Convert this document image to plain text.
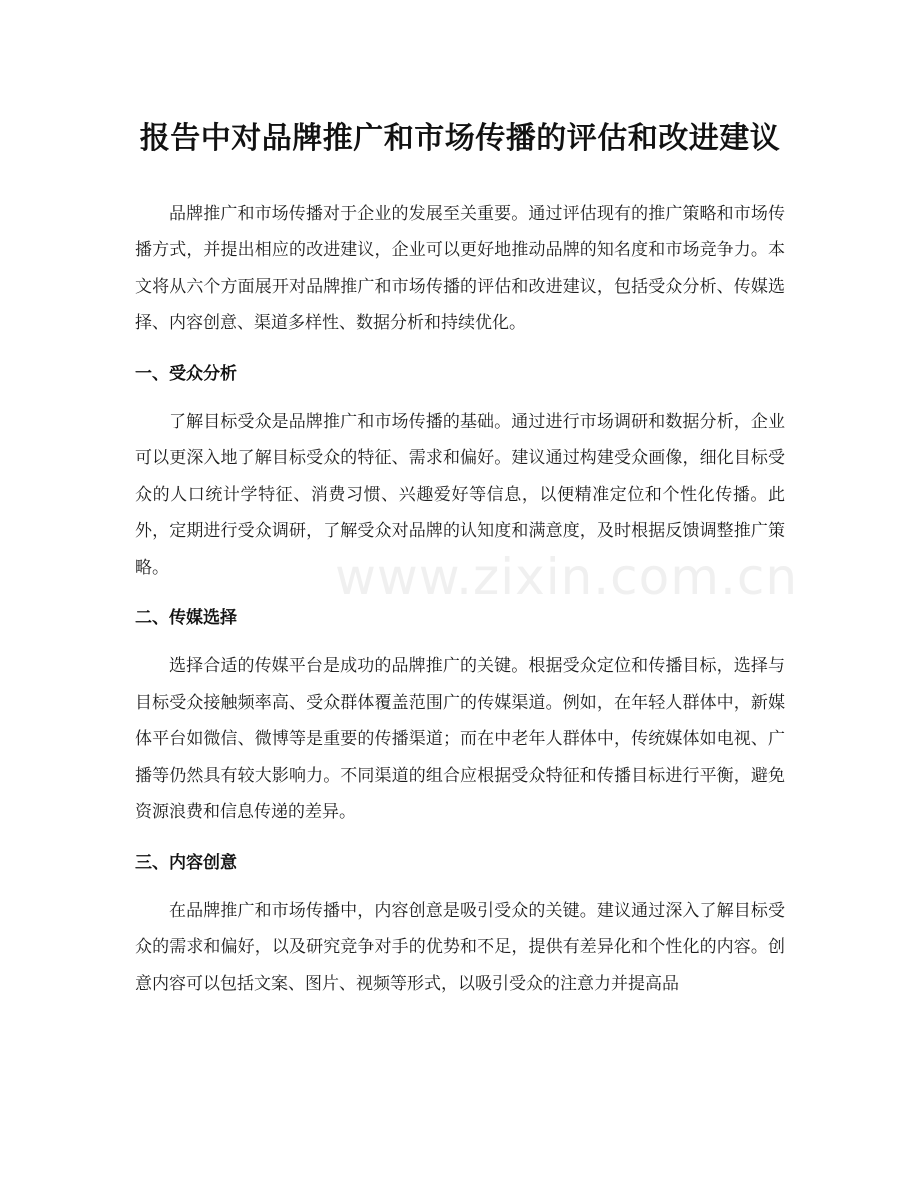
报告中对品牌推广和市场传播的评估和改进建议

品牌推广和市场传播对于企业的发展至关重要。通过评估现有的推广策略和市场传播方式，并提出相应的改进建议，企业可以更好地推动品牌的知名度和市场竞争力。本文将从六个方面展开对品牌推广和市场传播的评估和改进建议，包括受众分析、传媒选择、内容创意、渠道多样性、数据分析和持续优化。

一、受众分析

了解目标受众是品牌推广和市场传播的基础。通过进行市场调研和数据分析，企业可以更深入地了解目标受众的特征、需求和偏好。建议通过构建受众画像，细化目标受众的人口统计学特征、消费习惯、兴趣爱好等信息，以便精准定位和个性化传播。此外，定期进行受众调研，了解受众对品牌的认知度和满意度，及时根据反馈调整推广策略。

二、传媒选择

选择合适的传媒平台是成功的品牌推广的关键。根据受众定位和传播目标，选择与目标受众接触频率高、受众群体覆盖范围广的传媒渠道。例如，在年轻人群体中，新媒体平台如微信、微博等是重要的传播渠道；而在中老年人群体中，传统媒体如电视、广播等仍然具有较大影响力。不同渠道的组合应根据受众特征和传播目标进行平衡，避免资源浪费和信息传递的差异。

三、内容创意

在品牌推广和市场传播中，内容创意是吸引受众的关键。建议通过深入了解目标受众的需求和偏好，以及研究竞争对手的优势和不足，提供有差异化和个性化的内容。创意内容可以包括文案、图片、视频等形式，以吸引受众的注意力并提高品

www.zixin.com.cn
